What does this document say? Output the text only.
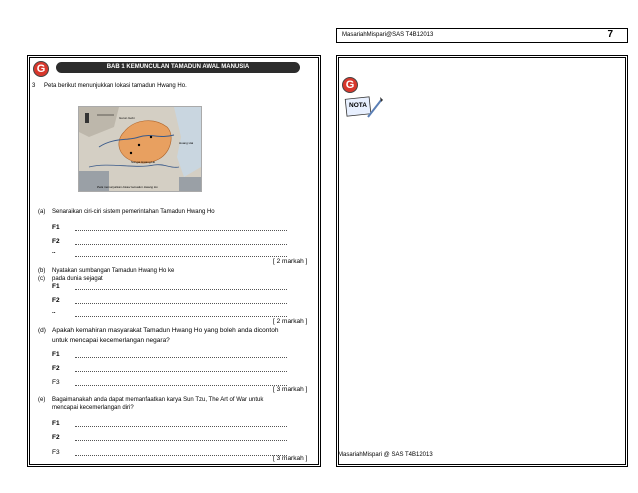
MasariahMispari@SAS T4B12013	7
G	BAB 1 KEMUNCULAN TAMADUN AWAL MANUSIA
3 Peta berikut menunjukkan lokasi tamadun Hwang Ho.
Gurun Gobi
Sungai Hwang Ho
Huang Hai
Peta menunjukkan lokasi tamadun Hwang Ho
(a) Senaraikan ciri-ciri sistem pemerintahan Tamadun Hwang Ho
F1
F2
..
[ 2 markah ]
(b) Nyatakan sumbangan Tamadun Hwang Ho ke
(c) pada dunia sejagat
F1
F2
..
[ 2 markah ]
(d) Apakah kemahiran masyarakat Tamadun Hwang Ho yang boleh anda dicontoh
untuk mencapai kecemerlangan negara?
F1
F2
F3
[ 3 markah ]
(e) Bagaimanakah anda dapat memanfaatkan karya Sun Tzu, The Art of War untuk
mencapai kecemerlangan diri?
F1
F2
F3
[ 3 markah ]
G
NOTA
MasariahMispari @ SAS T4B12013
